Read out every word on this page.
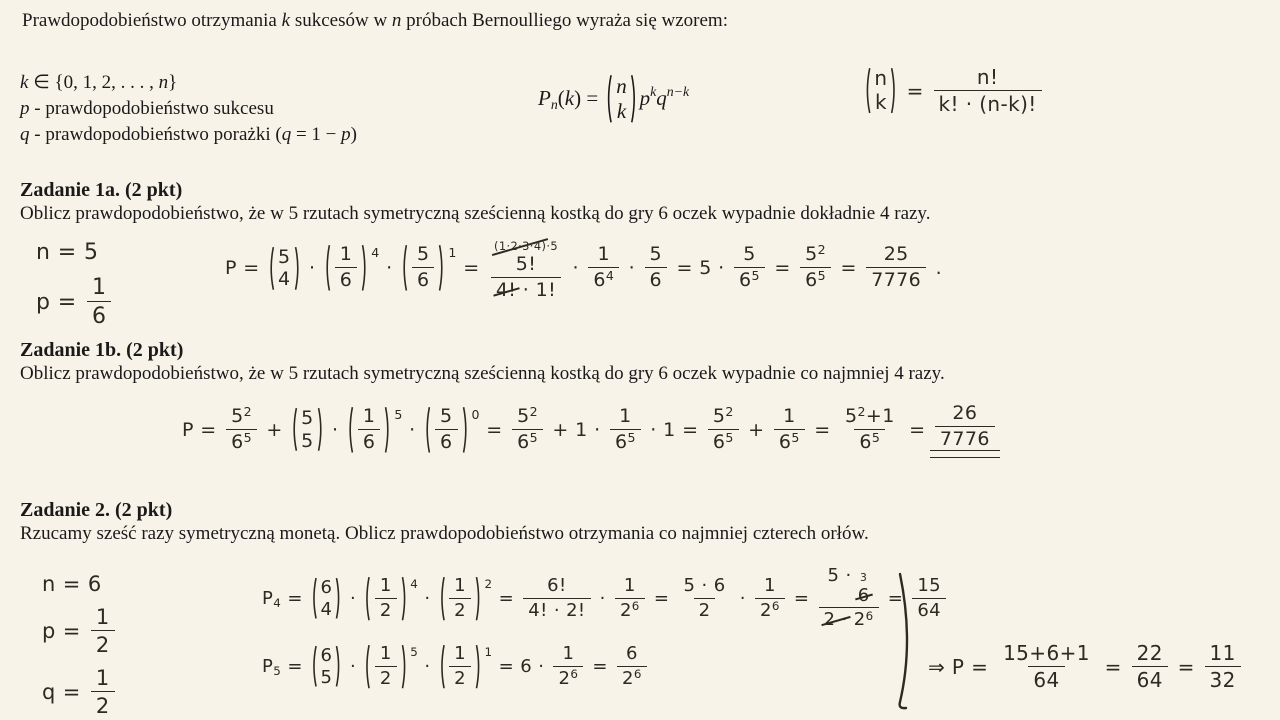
Prawdopodobieństwo otrzymania k sukcesów w n próbach Bernoulliego wyraża się wzorem:
k ∈ {0, 1, 2, . . . , n}
p - prawdopodobieństwo sukcesu
q - prawdopodobieństwo porażki (q = 1 − p)
P n ( k ) =
n
k
p k q n−k
n
$k = \frac{n!}{k! \cdot (n-k)!}$
Zadanie 1a. (2 pkt)
Oblicz prawdopodobieństwo, że w 5 rzutach symetryczną sześcienną kostką do gry 6 oczek wypadnie dokładnie 4 razy.
n = 5
$p = \frac{1}{6}$
P =
5
$4 \cdot \frac{1}{6} 4$
· $\frac{5}{6} 1$
= (1·2·3·4)·5
5!
4! · 1! · $\frac{1}{6^4} \cdot \frac{5}{6} = 5 \cdot \frac{5}{6^5} = \frac{5^2}{6^5} = \frac{25}{7776}$ .
Zadanie 1b. (2 pkt)
Oblicz prawdopodobieństwo, że w 5 rzutach symetryczną sześcienną kostką do gry 6 oczek wypadnie co najmniej 4 razy.
$P = \frac{5^2}{6^5}$ +
5
$5 \cdot \frac{1}{6} 5$
· $\frac{5}{6} 0$
= $\frac{5^2}{6^5} + 1 \cdot \frac{1}{6^5} \cdot 1 = \frac{5^2}{6^5} + \frac{1}{6^5} = \frac{5^2+1}{6^5} = \frac{26}{7776}$
Zadanie 2. (2 pkt)
Rzucamy sześć razy symetryczną monetą. Oblicz prawdopodobieństwo otrzymania co najmniej czterech orłów.
n = 6
$p = \frac{1}{2}$
$q = \frac{1}{2}$
P 4 =
6
$4 \cdot \frac{1}{2} 4$
· $\frac{1}{2} 2$
= $\frac{6!}{4! \cdot 2!} \cdot \frac{1}{2^6} = \frac{5 \cdot 6}{2} \cdot \frac{1}{2^6} = 5 \cdot 3$
6
$2 \cdot 2^6 = \frac{15}{64}$
P 5 =
6
$5 \cdot \frac{1}{2} 5$
· $\frac{1}{2} 1$
= $6 \cdot \frac{1}{2^6} = \frac{6}{2^6}$	⇒ $P = \frac{15+6+1}{64} = \frac{22}{64} = \frac{11}{32}$
